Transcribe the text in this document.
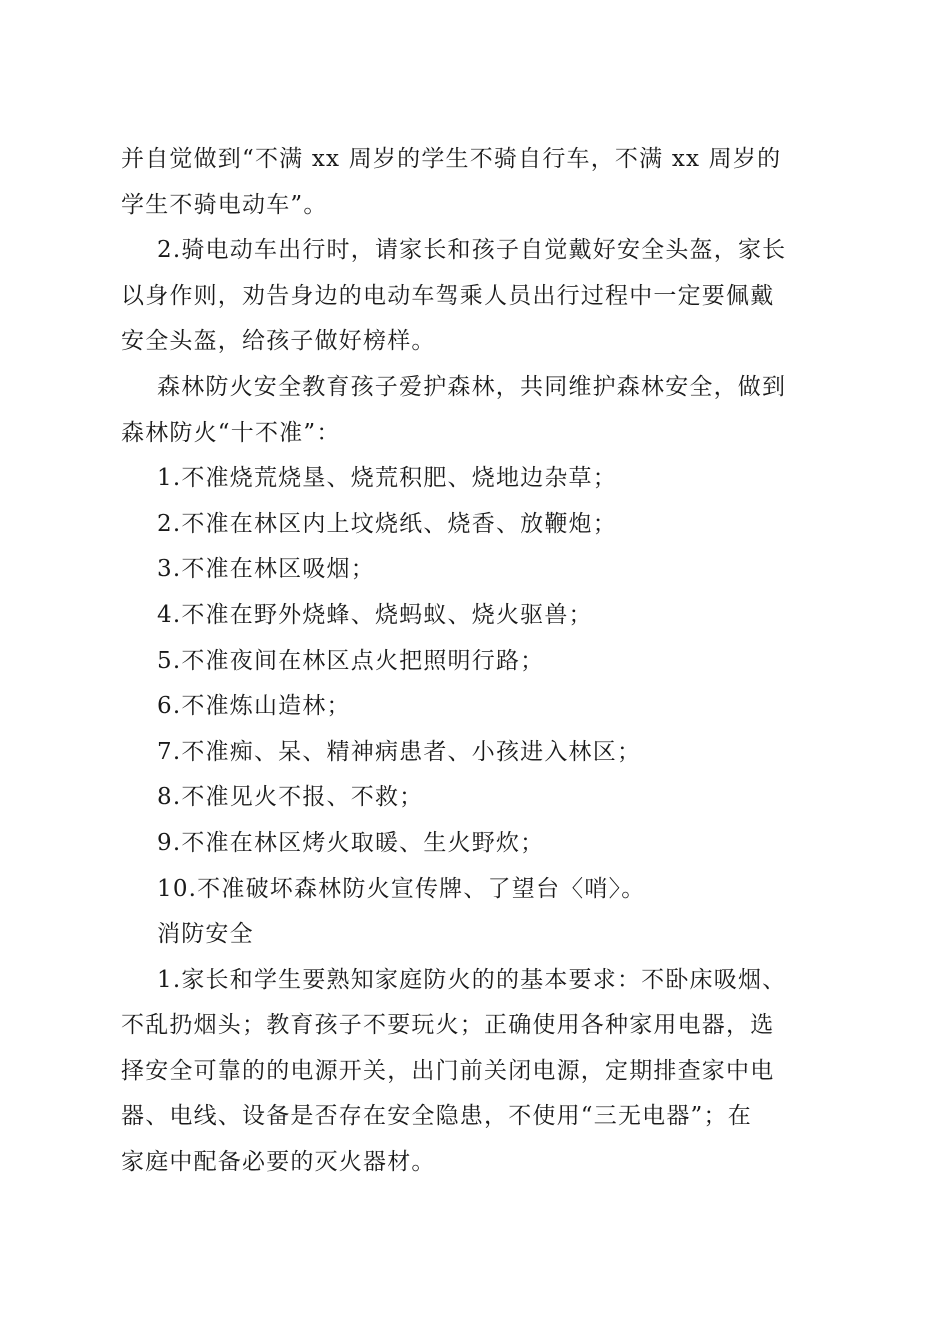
并自觉做到“不满 xx 周岁的学生不骑自行车，不满 xx 周岁的
学生不骑电动车”。
2.骑电动车出行时，请家长和孩子自觉戴好安全头盔，家长
以身作则，劝告身边的电动车驾乘人员出行过程中一定要佩戴
安全头盔，给孩子做好榜样。
森林防火安全教育孩子爱护森林，共同维护森林安全，做到
森林防火“十不准”：
1.不准烧荒烧垦、烧荒积肥、烧地边杂草；
2.不准在林区内上坟烧纸、烧香、放鞭炮；
3.不准在林区吸烟；
4.不准在野外烧蜂、烧蚂蚁、烧火驱兽；
5.不准夜间在林区点火把照明行路；
6.不准炼山造林；
7.不准痴、呆、精神病患者、小孩进入林区；
8.不准见火不报、不救；
9.不准在林区烤火取暖、生火野炊；
10.不准破坏森林防火宣传牌、了望台〈哨〉。
消防安全
1.家长和学生要熟知家庭防火的的基本要求：不卧床吸烟、
不乱扔烟头；教育孩子不要玩火；正确使用各种家用电器，选
择安全可靠的的电源开关，出门前关闭电源，定期排查家中电
器、电线、设备是否存在安全隐患，不使用“三无电器”；在
家庭中配备必要的灭火器材。
